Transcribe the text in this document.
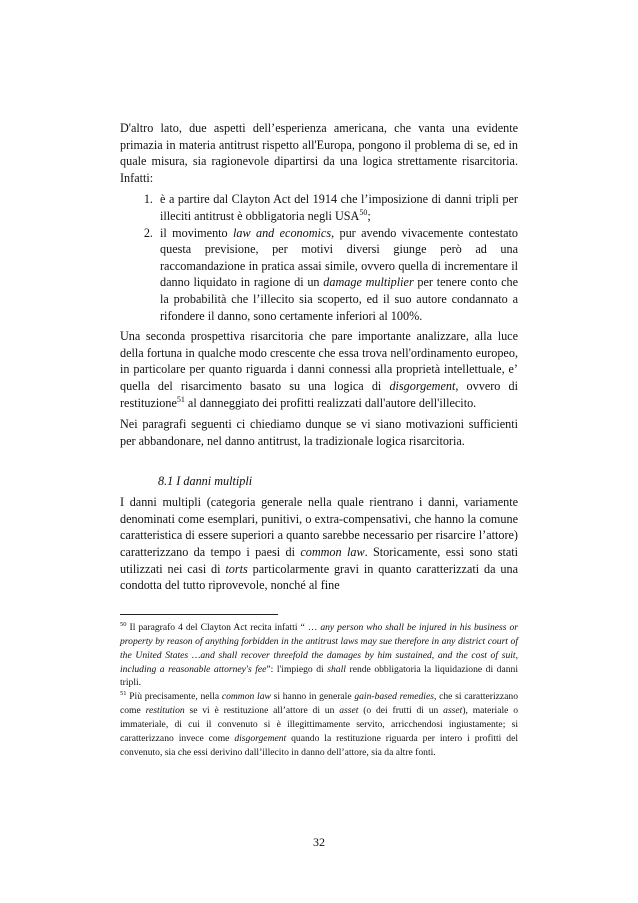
D'altro lato, due aspetti dell’esperienza americana, che vanta una evidente primazia in materia antitrust rispetto all'Europa, pongono il problema di se, ed in quale misura, sia ragionevole dipartirsi da una logica strettamente risarcitoria. Infatti:

1. è a partire dal Clayton Act del 1914 che l’imposizione di danni tripli per illeciti antitrust è obbligatoria negli USA$^{50}$;
2. il movimento law and economics, pur avendo vivacemente contestato questa previsione, per motivi diversi giunge però ad una raccomandazione in pratica assai simile, ovvero quella di incrementare il danno liquidato in ragione di un damage multiplier per tenere conto che la probabilità che l’illecito sia scoperto, ed il suo autore condannato a rifondere il danno, sono certamente inferiori al 100%.

Una seconda prospettiva risarcitoria che pare importante analizzare, alla luce della fortuna in qualche modo crescente che essa trova nell'ordinamento europeo, in particolare per quanto riguarda i danni connessi alla proprietà intellettuale, e’ quella del risarcimento basato su una logica di disgorgement, ovvero di restituzione$^{51}$ al danneggiato dei profitti realizzati dall'autore dell'illecito.

Nei paragrafi seguenti ci chiediamo dunque se vi siano motivazioni sufficienti per abbandonare, nel danno antitrust, la tradizionale logica risarcitoria.

8.1 I danni multipli

I danni multipli (categoria generale nella quale rientrano i danni, variamente denominati come esemplari, punitivi, o extra-compensativi, che hanno la comune caratteristica di essere superiori a quanto sarebbe necessario per risarcire l’attore) caratterizzano da tempo i paesi di common law. Storicamente, essi sono stati utilizzati nei casi di torts particolarmente gravi in quanto caratterizzati da una condotta del tutto riprovevole, nonché al fine

$^{50}$ Il paragrafo 4 del Clayton Act recita infatti “ … any person who shall be injured in his business or property by reason of anything forbidden in the antitrust laws may sue therefore in any district court of the United States …and shall recover threefold the damages by him sustained, and the cost of suit, including a reasonable attorney's fee”: l'impiego di shall rende obbligatoria la liquidazione di danni tripli.

$^{51}$ Più precisamente, nella common law si hanno in generale gain-based remedies, che si caratterizzano come restitution se vi è restituzione all’attore di un asset (o dei frutti di un asset), materiale o immateriale, di cui il convenuto si è illegittimamente servito, arricchendosi ingiustamente; si caratterizzano invece come disgorgement quando la restituzione riguarda per intero i profitti del convenuto, sia che essi derivino dall’illecito in danno dell’attore, sia da altre fonti.

32
